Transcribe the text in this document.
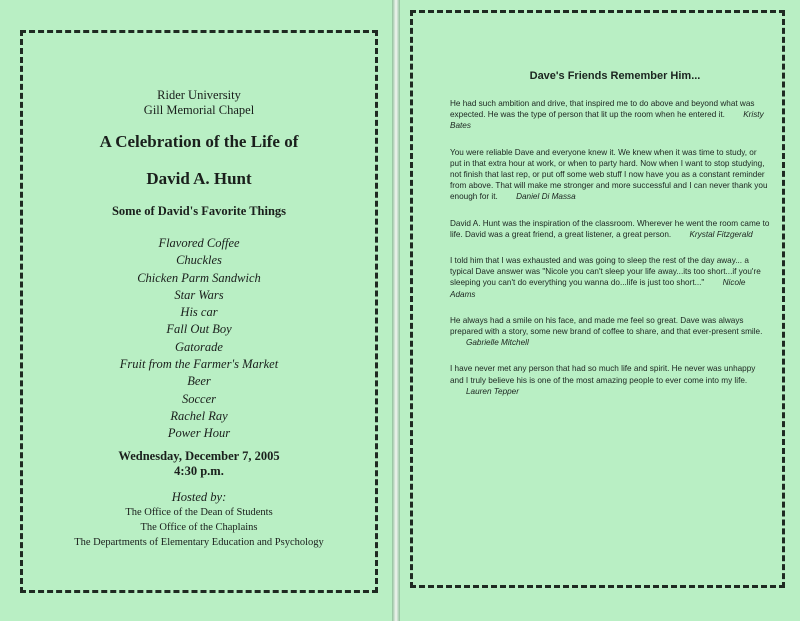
Rider University
Gill Memorial Chapel
A Celebration of the Life of
David A. Hunt
Some of David's Favorite Things
Flavored Coffee
Chuckles
Chicken Parm Sandwich
Star Wars
His car
Fall Out Boy
Gatorade
Fruit from the Farmer's Market
Beer
Soccer
Rachel Ray
Power Hour
Wednesday, December 7, 2005
4:30 p.m.
Hosted by:
The Office of the Dean of Students
The Office of the Chaplains
The Departments of Elementary Education and Psychology
Dave's Friends Remember Him...

He had such ambition and drive, that inspired me to do above and beyond what was expected. He was the type of person that lit up the room when he entered it. Kristy Bates

You were reliable Dave and everyone knew it. We knew when it was time to study, or put in that extra hour at work, or when to party hard. Now when I want to stop studying, not finish that last rep, or put off some web stuff I now have you as a constant reminder from above. That will make me stronger and more successful and I can never thank you enough for it. Daniel Di Massa

David A. Hunt was the inspiration of the classroom. Wherever he went the room came to life. David was a great friend, a great listener, a great person. Krystal Fitzgerald

I told him that I was exhausted and was going to sleep the rest of the day away... a typical Dave answer was "Nicole you can't sleep your life away...its too short...if you're sleeping you can't do everything you wanna do...life is just too short..." Nicole Adams

He always had a smile on his face, and made me feel so great. Dave was always prepared with a story, some new brand of coffee to share, and that ever-present smile. Gabrielle Mitchell

I have never met any person that had so much life and spirit. He never was unhappy and I truly believe his is one of the most amazing people to ever come into my life. Lauren Tepper
